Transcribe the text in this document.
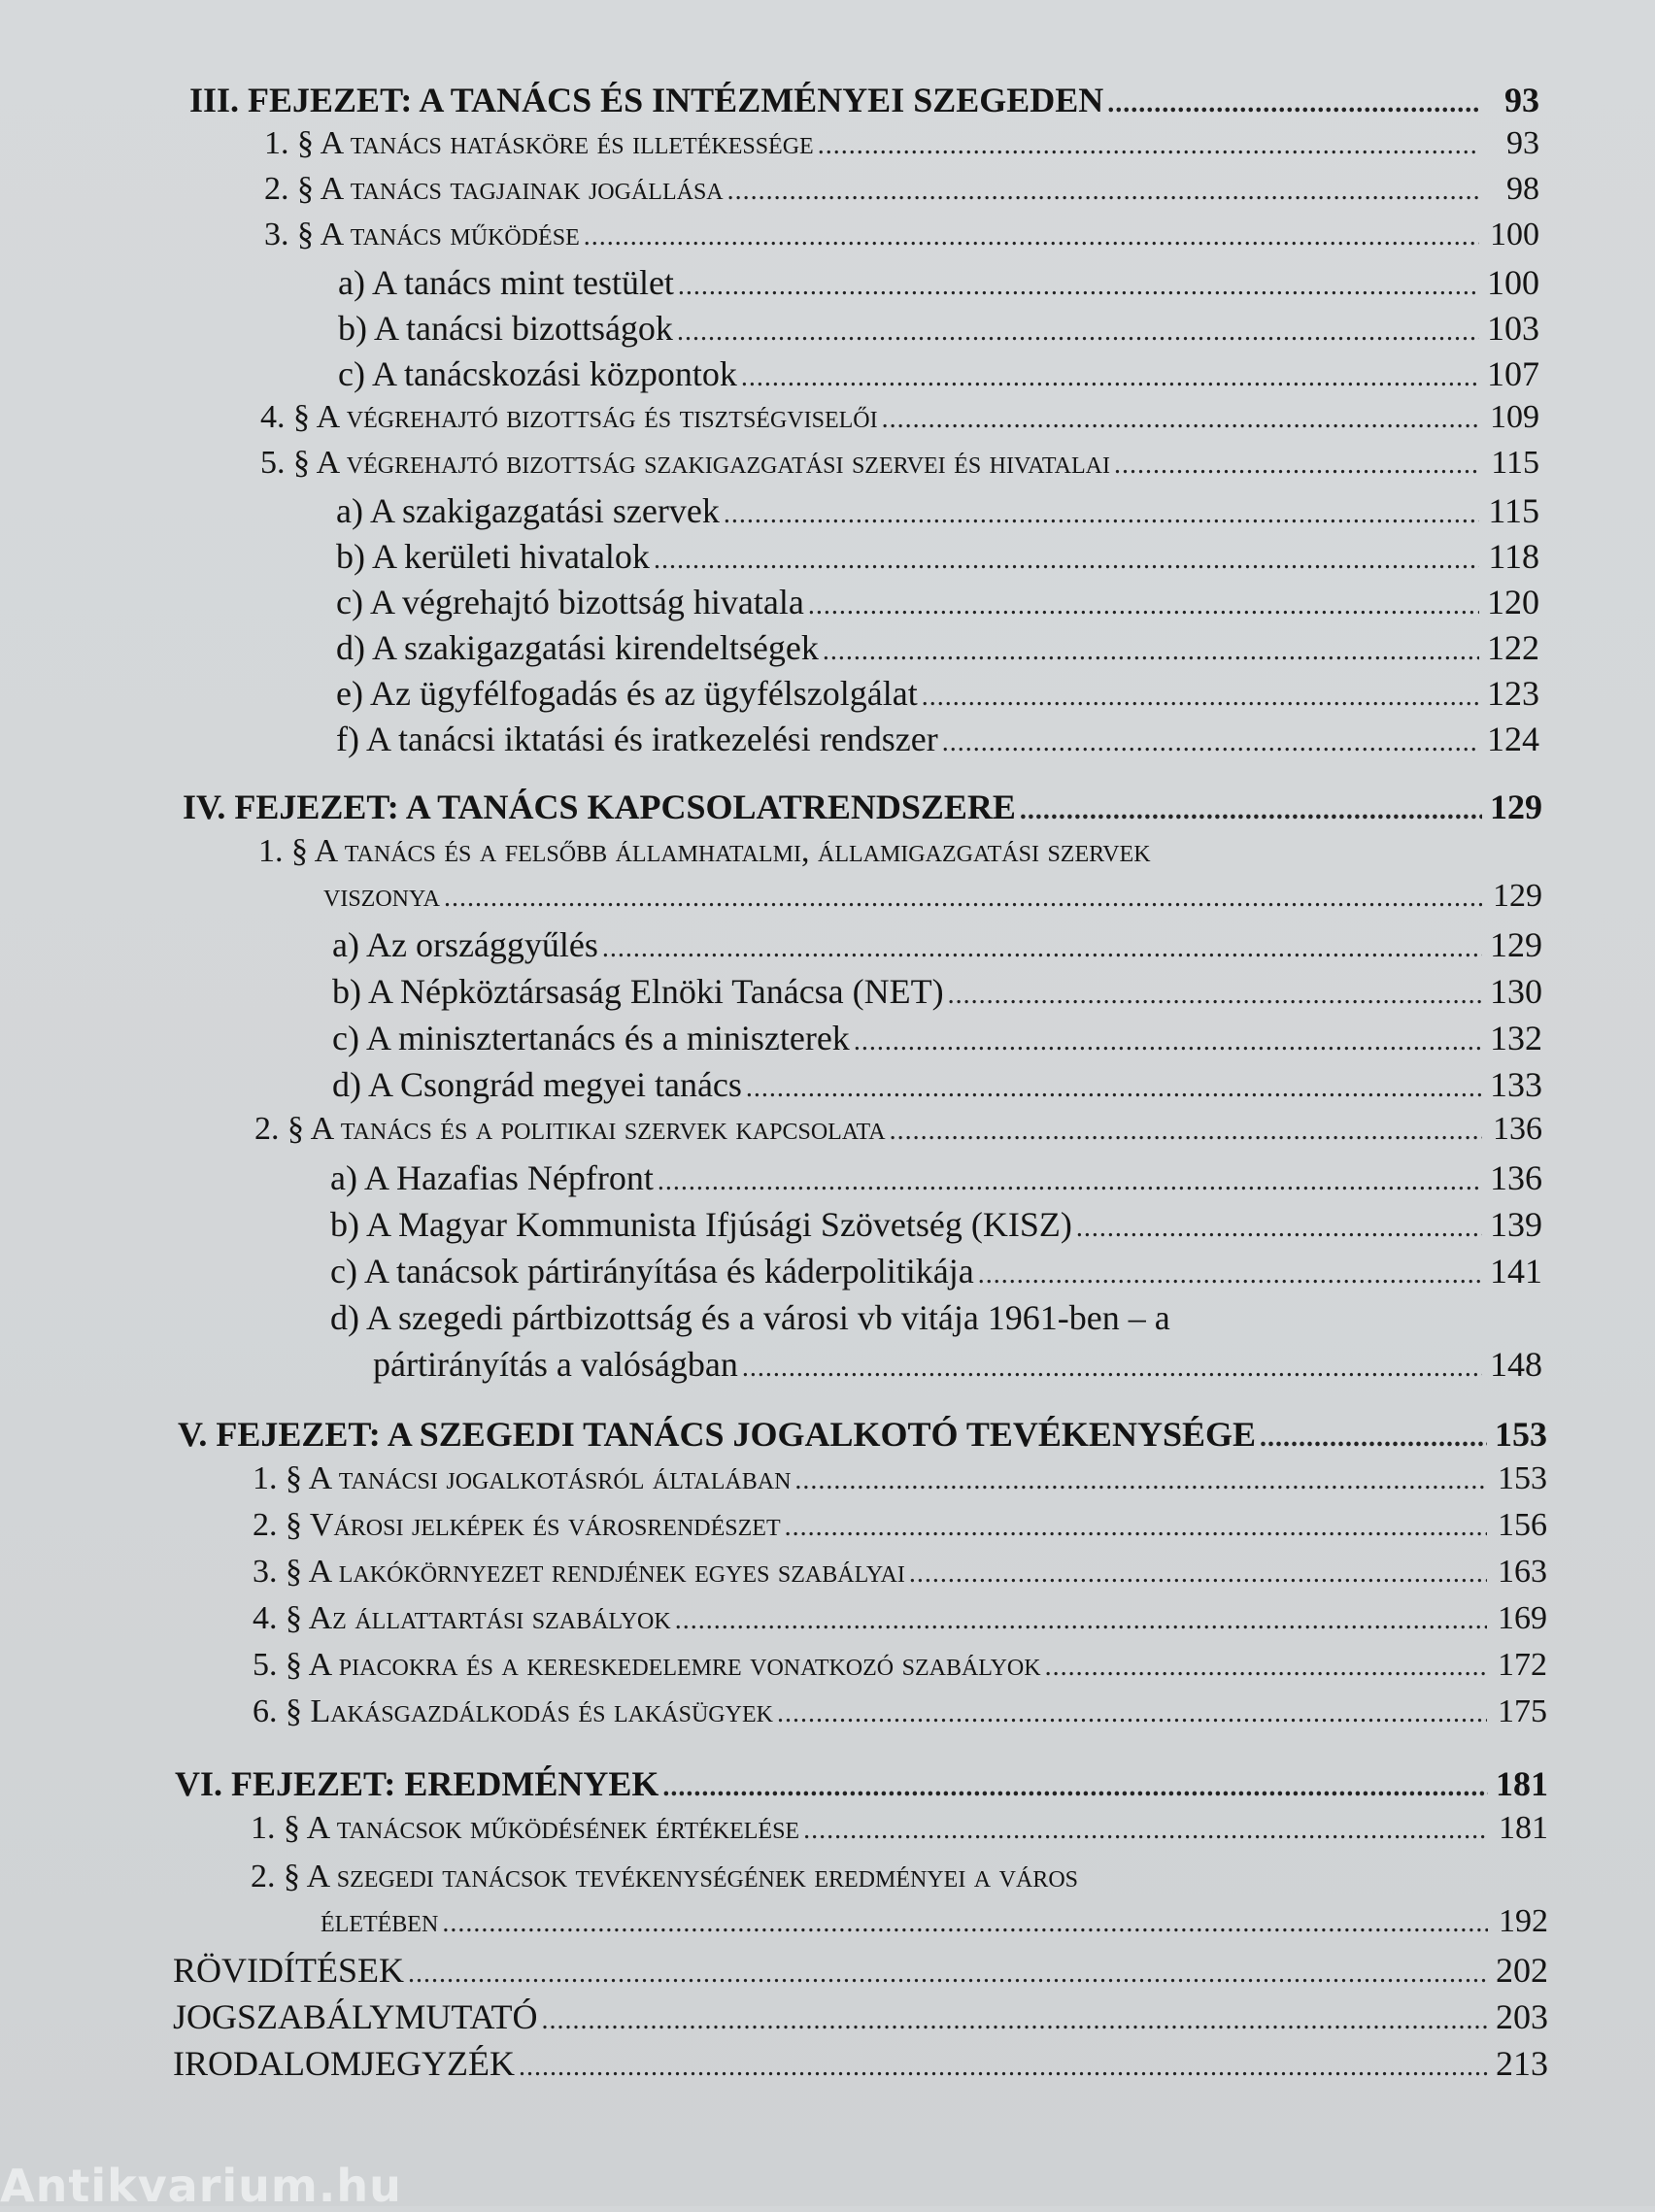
III. FEJEZET: A TANÁCS ÉS INTÉZMÉNYEI SZEGEDEN .....	93
1. § A tanács hatásköre és illetékessége .....	93
2. § A tanács tagjainak jogállása .....	98
3. § A tanács működése .....	100
a) A tanács mint testület .....	100
b) A tanácsi bizottságok .....	103
c) A tanácskozási központok .....	107
4. § A végrehajtó bizottság és tisztségviselői .....	109
5. § A végrehajtó bizottság szakigazgatási szervei és hivatalai .....	115
a) A szakigazgatási szervek .....	115
b) A kerületi hivatalok .....	118
c) A végrehajtó bizottság hivatala .....	120
d) A szakigazgatási kirendeltségek .....	122
e) Az ügyfélfogadás és az ügyfélszolgálat .....	123
f) A tanácsi iktatási és iratkezelési rendszer .....	124
IV. FEJEZET: A TANÁCS KAPCSOLATRENDSZERE .....	129
1. § A tanács és a felsőbb államhatalmi, államigazgatási szervek
viszonya .....	129
a) Az országgyűlés .....	129
b) A Népköztársaság Elnöki Tanácsa (NET) .....	130
c) A minisztertanács és a miniszterek .....	132
d) A Csongrád megyei tanács .....	133
2. § A tanács és a politikai szervek kapcsolata .....	136
a) A Hazafias Népfront .....	136
b) A Magyar Kommunista Ifjúsági Szövetség (KISZ) .....	139
c) A tanácsok pártirányítása és káderpolitikája .....	141
d) A szegedi pártbizottság és a városi vb vitája 1961-ben – a
pártirányítás a valóságban .....	148
V. FEJEZET: A SZEGEDI TANÁCS JOGALKOTÓ TEVÉKENYSÉGE .....	153
1. § A tanácsi jogalkotásról általában .....	153
2. § Városi jelképek és városrendészet .....	156
3. § A lakókörnyezet rendjének egyes szabályai .....	163
4. § Az állattartási szabályok .....	169
5. § A piacokra és a kereskedelemre vonatkozó szabályok .....	172
6. § Lakásgazdálkodás és lakásügyek .....	175
VI. FEJEZET: EREDMÉNYEK .....	181
1. § A tanácsok működésének értékelése .....	181
2. § A szegedi tanácsok tevékenységének eredményei a város
életében .....	192
RÖVIDÍTÉSEK .....	202
JOGSZABÁLYMUTATÓ .....	203
IRODALOMJEGYZÉK .....	213
Antikvarium.hu
